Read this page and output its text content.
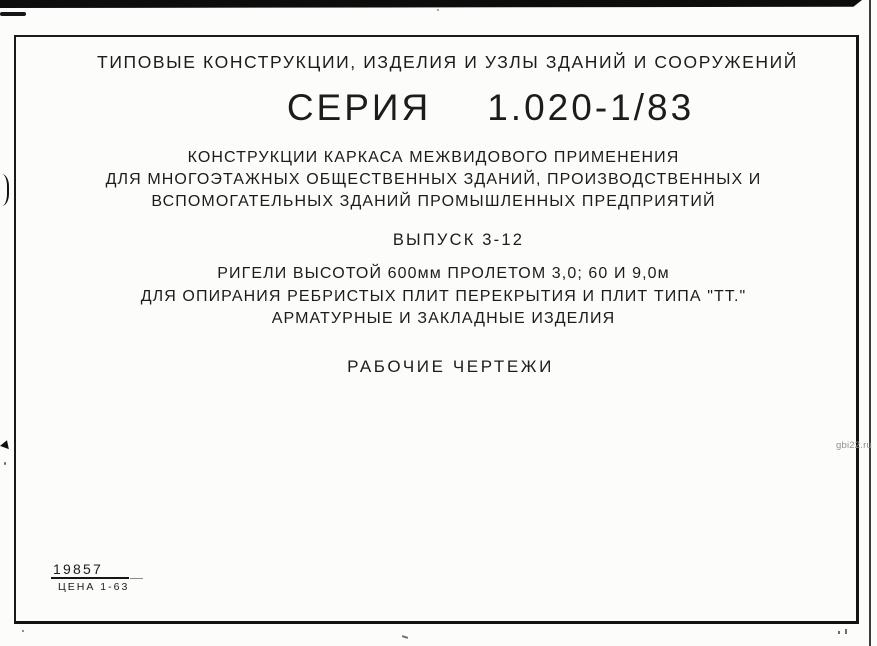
ТИПОВЫЕ КОНСТРУКЦИИ, ИЗДЕЛИЯ И УЗЛЫ ЗДАНИЙ И СООРУЖЕНИЙ
СЕРИЯ 1.020-1/83
КОНСТРУКЦИИ КАРКАСА МЕЖВИДОВОГО ПРИМЕНЕНИЯ
ДЛЯ МНОГОЭТАЖНЫХ ОБЩЕСТВЕННЫХ ЗДАНИЙ, ПРОИЗВОДСТВЕННЫХ И
ВСПОМОГАТЕЛЬНЫХ ЗДАНИЙ ПРОМЫШЛЕННЫХ ПРЕДПРИЯТИЙ
ВЫПУСК 3-12
РИГЕЛИ ВЫСОТОЙ 600мм ПРОЛЕТОМ 3,0; 60 И 9,0м
ДЛЯ ОПИРАНИЯ РЕБРИСТЫХ ПЛИТ ПЕРЕКРЫТИЯ И ПЛИТ ТИПА "ТТ."
АРМАТУРНЫЕ И ЗАКЛАДНЫЕ ИЗДЕЛИЯ
РАБОЧИЕ ЧЕРТЕЖИ
19857
ЦЕНА 1-63
gbi22.ru
